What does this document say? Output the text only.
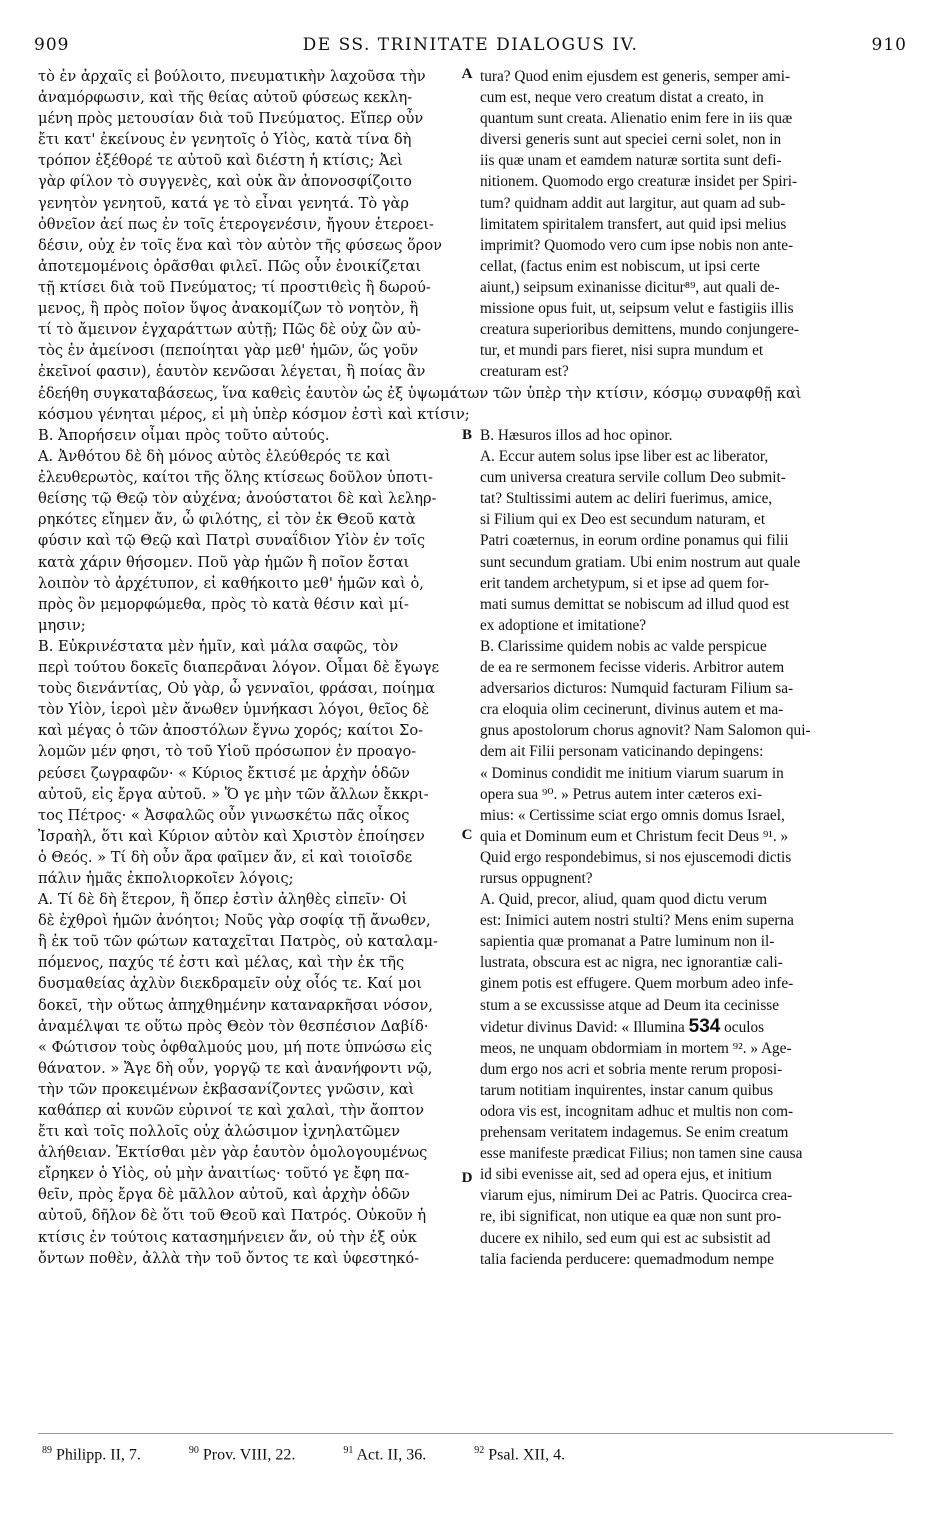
909	DE SS. TRINITATE DIALOGUS IV.	910
τὸ ἐν ἀρχαῖς εἰ βούλοιτο, πνευματικὴν λαχοῦσα τὴν
ἀναμόρφωσιν, καὶ τῆς θείας αὐτοῦ φύσεως κεκλη-
μένη πρὸς μετουσίαν διὰ τοῦ Πνεύματος. Εἴπερ οὖν
ἔτι κατ' ἐκείνους ἐν γενητοῖς ὁ Υἱὸς, κατὰ τίνα δὴ
τρόπον ἐξέθορέ τε αὐτοῦ καὶ διέστη ἡ κτίσις; Ἀεὶ
γὰρ φίλον τὸ συγγενὲς, καὶ οὐκ ἂν ἀπονοσφίζοιτο
γενητὸν γενητοῦ, κατά γε τὸ εἶναι γενητά. Τὸ γὰρ
ὀθνεῖον ἀεί πως ἐν τοῖς ἑτερογενέσιν, ἤγουν ἑτεροει-
δέσιν, οὐχ ἐν τοῖς ἕνα καὶ τὸν αὐτὸν τῆς φύσεως ὅρον
ἀποτεμομένοις ὁρᾶσθαι φιλεῖ. Πῶς οὖν ἐνοικίζεται
τῇ κτίσει διὰ τοῦ Πνεύματος; τί προστιθεὶς ἢ δωρού-
μενος, ἢ πρὸς ποῖον ὕψος ἀνακομίζων τὸ νοητὸν, ἢ
τί τὸ ἄμεινον ἐγχαράττων αὐτῇ; Πῶς δὲ οὐχ ὢν αὐ-
τὸς ἐν ἀμείνοσι (πεποίηται γὰρ μεθ' ἡμῶν, ὥς γοῦν
ἐκεῖνοί φασιν), ἑαυτὸν κενῶσαι λέγεται, ἢ ποίας ἂν
tura? Quod enim ejusdem est generis, semper ami-
cum est, neque vero creatum distat a creato, in
quantum sunt creata. Alienatio enim fere in iis quæ
diversi generis sunt aut speciei cerni solet, non in
iis quæ unam et eamdem naturæ sortita sunt defi-
nitionem. Quomodo ergo creaturæ insidet per Spiri-
tum? quidnam addit aut largitur, aut quam ad sub-
limitatem spiritalem transfert, aut quid ipsi melius
imprimit? Quomodo vero cum ipse nobis non ante-
cellat, (factus enim est nobiscum, ut ipsi certe
aiunt,) seipsum exinanisse dicitur⁸⁹, aut quali de-
missione opus fuit, ut, seipsum velut e fastigiis illis
creatura superioribus demittens, mundo conjungere-
tur, et mundi pars fieret, nisi supra mundum et
creaturam est?
A
ἐδεήθη συγκαταβάσεως, ἵνα καθεὶς ἑαυτὸν ὡς ἐξ ὑψωμάτων τῶν ὑπὲρ τὴν κτίσιν, κόσμῳ συναφθῇ καὶ
κόσμου γένηται μέρος, εἰ μὴ ὑπὲρ κόσμον ἐστὶ καὶ κτίσιν;
B
C
D
B. Ἀπορήσειν οἶμαι πρὸς τοῦτο αὐτούς.
A. Ἀνθότου δὲ δὴ μόνος αὐτὸς ἐλεύθερός τε καὶ
ἐλευθερωτὸς, καίτοι τῆς ὅλης κτίσεως δοῦλον ὑποτι-
θείσης τῷ Θεῷ τὸν αὐχένα; ἀνούστατοι δὲ καὶ λεληρ-
ρηκότες εἴημεν ἄν, ὦ φιλότης, εἰ τὸν ἐκ Θεοῦ κατὰ
φύσιν καὶ τῷ Θεῷ καὶ Πατρὶ συναΐδιον Υἱὸν ἐν τοῖς
κατὰ χάριν θήσομεν. Ποῦ γὰρ ἡμῶν ἢ ποῖον ἔσται
λοιπὸν τὸ ἀρχέτυπον, εἰ καθήκοιτο μεθ' ἡμῶν καὶ ὁ,
πρὸς ὃν μεμορφώμεθα, πρὸς τὸ κατὰ θέσιν καὶ μί-
μησιν;
B. Εὐκρινέστατα μὲν ἡμῖν, καὶ μάλα σαφῶς, τὸν
περὶ τούτου δοκεῖς διαπερᾶναι λόγον. Οἶμαι δὲ ἔγωγε
τοὺς διενάντίας, Οὐ γὰρ, ὦ γενναῖοι, φράσαι, ποίημα
τὸν Υἱὸν, ἱεροὶ μὲν ἄνωθεν ὑμνήκασι λόγοι, θεῖος δὲ
καὶ μέγας ὁ τῶν ἀποστόλων ἔγνω χορός; καίτοι Σο-
λομῶν μέν φησι, τὸ τοῦ Υἱοῦ πρόσωπον ἐν προαγο-
ρεύσει ζωγραφῶν· « Κύριος ἔκτισέ με ἀρχὴν ὁδῶν
αὐτοῦ, εἰς ἔργα αὐτοῦ. » Ὅ γε μὴν τῶν ἄλλων ἔκκρι-
τος Πέτρος· « Ἀσφαλῶς οὖν γινωσκέτω πᾶς οἶκος
Ἰσραὴλ, ὅτι καὶ Κύριον αὐτὸν καὶ Χριστὸν ἐποίησεν
ὁ Θεός. » Τί δὴ οὖν ἄρα φαῖμεν ἄν, εἰ καὶ τοιοῖσδε
πάλιν ἡμᾶς ἐκπολιορκοῖεν λόγοις;
A. Τί δὲ δὴ ἕτερον, ἢ ὅπερ ἐστὶν ἀληθὲς εἰπεῖν· Οἱ
δὲ ἐχθροὶ ἡμῶν ἀνόητοι; Νοῦς γὰρ σοφίᾳ τῇ ἄνωθεν,
ἢ ἐκ τοῦ τῶν φώτων καταχεῖται Πατρὸς, οὐ καταλαμ-
πόμενος, παχύς τέ ἐστι καὶ μέλας, καὶ τὴν ἐκ τῆς
δυσμαθείας ἀχλὺν διεκδραμεῖν οὐχ οἷός τε. Καί μοι
δοκεῖ, τὴν οὕτως ἀπηχθημένην καταναρκῆσαι νόσον,
ἀναμέλψαι τε οὕτω πρὸς Θεὸν τὸν θεσπέσιον Δαβίδ·
« Φώτισον τοὺς ὀφθαλμούς μου, μή ποτε ὑπνώσω εἰς
θάνατον. » Ἄγε δὴ οὖν, γοργῷ τε καὶ ἀνανήφοντι νῷ,
τὴν τῶν προκειμένων ἐκβασανίζοντες γνῶσιν, καὶ
καθάπερ αἱ κυνῶν εὐρινοί τε καὶ χαλαὶ, τὴν ἄοπτον
ἔτι καὶ τοῖς πολλοῖς οὐχ ἁλώσιμον ἰχνηλατῶμεν
ἀλήθειαν. Ἐκτίσθαι μὲν γὰρ ἑαυτὸν ὁμολογουμένως
εἴρηκεν ὁ Υἱὸς, οὐ μὴν ἀναιτίως· τοῦτό γε ἔφη πα-
θεῖν, πρὸς ἔργα δὲ μᾶλλον αὐτοῦ, καὶ ἀρχὴν ὁδῶν
αὐτοῦ, δῆλον δὲ ὅτι τοῦ Θεοῦ καὶ Πατρός. Οὐκοῦν ἡ
κτίσις ἐν τούτοις κατασημήνειεν ἄν, οὐ τὴν ἐξ οὐκ
ὄντων ποθὲν, ἀλλὰ τὴν τοῦ ὄντος τε καὶ ὑφεστηκό-
B. Hæsuros illos ad hoc opinor.
A. Eccur autem solus ipse liber est ac liberator,
cum universa creatura servile collum Deo submit-
tat? Stultissimi autem ac deliri fuerimus, amice,
si Filium qui ex Deo est secundum naturam, et
Patri coæternus, in eorum ordine ponamus qui filii
sunt secundum gratiam. Ubi enim nostrum aut quale
erit tandem archetypum, si et ipse ad quem for-
mati sumus demittat se nobiscum ad illud quod est
ex adoptione et imitatione?
B. Clarissime quidem nobis ac valde perspicue
de ea re sermonem fecisse videris. Arbitror autem
adversarios dicturos: Numquid facturam Filium sa-
cra eloquia olim cecinerunt, divinus autem et ma-
gnus apostolorum chorus agnovit? Nam Salomon qui-
dem ait Filii personam vaticinando depingens:
« Dominus condidit me initium viarum suarum in
opera sua ⁹⁰. » Petrus autem inter cæteros exi-
mius: « Certissime sciat ergo omnis domus Israel,
quia et Dominum eum et Christum fecit Deus ⁹¹. »
Quid ergo respondebimus, si nos ejuscemodi dictis
rursus oppugnent?
A. Quid, precor, aliud, quam quod dictu verum
est: Inimici autem nostri stulti? Mens enim superna
sapientia quæ promanat a Patre luminum non il-
lustrata, obscura est ac nigra, nec ignorantiæ cali-
ginem potis est effugere. Quem morbum adeo infe-
stum a se excussisse atque ad Deum ita cecinisse
videtur divinus David: « Illumina 534 oculos
meos, ne unquam obdormiam in mortem ⁹². » Age-
dum ergo nos acri et sobria mente rerum proposi-
tarum notitiam inquirentes, instar canum quibus
odora vis est, incognitam adhuc et multis non com-
prehensam veritatem indagemus. Se enim creatum
esse manifeste prædicat Filius; non tamen sine causa
id sibi evenisse ait, sed ad opera ejus, et initium
viarum ejus, nimirum Dei ac Patris. Quocirca crea-
re, ibi significat, non utique ea quæ non sunt pro-
ducere ex nihilo, sed eum qui est ac subsistit ad
talia facienda perducere: quemadmodum nempe
$^{89}$ Philipp. II, 7.	$^{90}$ Prov. VIII, 22.	$^{91}$ Act. II, 36.	$^{92}$ Psal. XII, 4.
